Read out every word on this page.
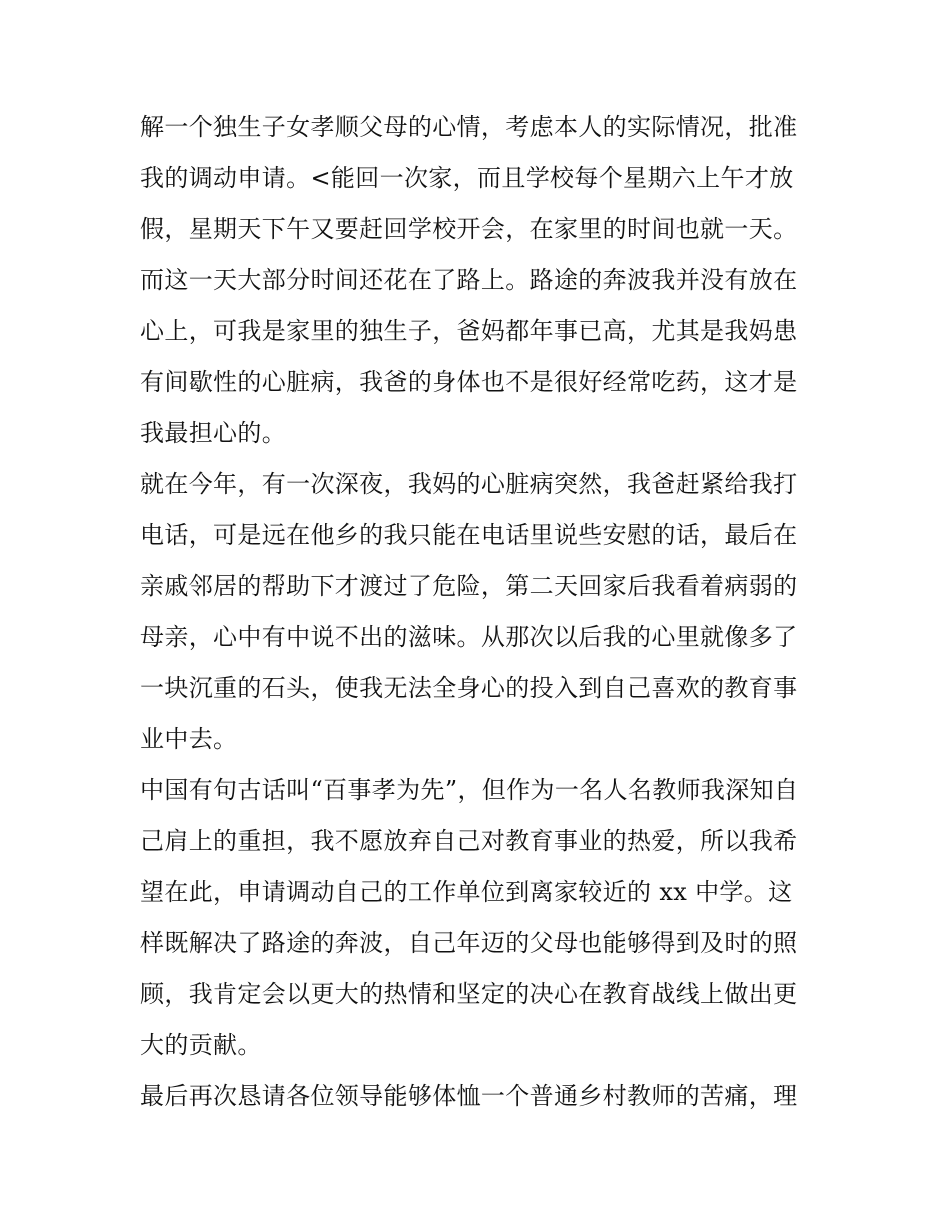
解一个独生子女孝顺父母的心情，考虑本人的实际情况，批准
我的调动申请。<能回一次家，而且学校每个星期六上午才放
假，星期天下午又要赶回学校开会，在家里的时间也就一天。
而这一天大部分时间还花在了路上。路途的奔波我并没有放在
心上，可我是家里的独生子，爸妈都年事已高，尤其是我妈患
有间歇性的心脏病，我爸的身体也不是很好经常吃药，这才是
我最担心的。
就在今年，有一次深夜，我妈的心脏病突然，我爸赶紧给我打
电话，可是远在他乡的我只能在电话里说些安慰的话，最后在
亲戚邻居的帮助下才渡过了危险，第二天回家后我看着病弱的
母亲，心中有中说不出的滋味。从那次以后我的心里就像多了
一块沉重的石头，使我无法全身心的投入到自己喜欢的教育事
业中去。
中国有句古话叫“百事孝为先”，但作为一名人名教师我深知自
己肩上的重担，我不愿放弃自己对教育事业的热爱，所以我希
望在此，申请调动自己的工作单位到离家较近的 xx 中学。这
样既解决了路途的奔波，自己年迈的父母也能够得到及时的照
顾，我肯定会以更大的热情和坚定的决心在教育战线上做出更
大的贡献。
最后再次恳请各位领导能够体恤一个普通乡村教师的苦痛，理
